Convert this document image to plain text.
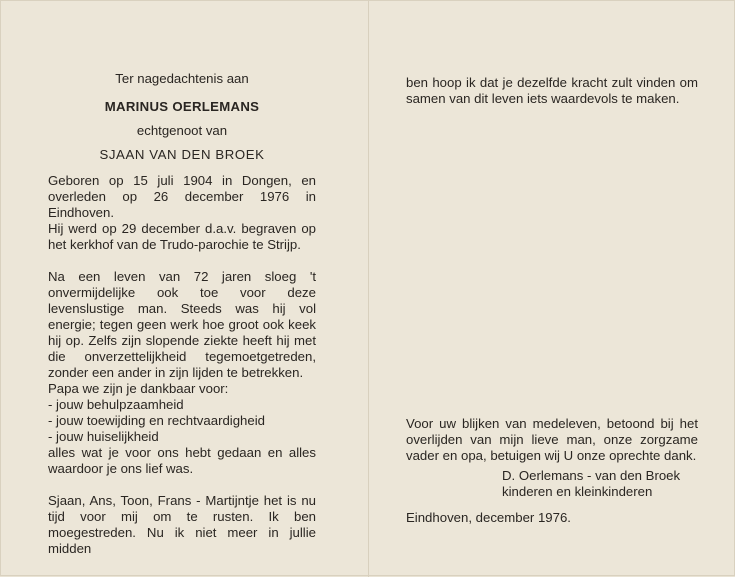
Ter nagedachtenis aan

MARINUS OERLEMANS

echtgenoot van

SJAAN VAN DEN BROEK

Geboren op 15 juli 1904 in Dongen, en overleden op 26 december 1976 in Eindhoven.

Hij werd op 29 december d.a.v. begraven op het kerkhof van de Trudo-parochie te Strijp.

Na een leven van 72 jaren sloeg 't onvermijdelijke ook toe voor deze levenslustige man. Steeds was hij vol energie; tegen geen werk hoe groot ook keek hij op. Zelfs zijn slopende ziekte heeft hij met die onverzettelijkheid tegemoetgetreden, zonder een ander in zijn lijden te betrekken.

Papa we zijn je dankbaar voor:

- jouw behulpzaamheid
- jouw toewijding en rechtvaardigheid
- jouw huiselijkheid

alles wat je voor ons hebt gedaan en alles waardoor je ons lief was.

Sjaan, Ans, Toon, Frans - Martijntje het is nu tijd voor mij om te rusten. Ik ben moegestreden. Nu ik niet meer in jullie midden

ben hoop ik dat je dezelfde kracht zult vinden om samen van dit leven iets waardevols te maken.

Voor uw blijken van medeleven, betoond bij het overlijden van mijn lieve man, onze zorgzame vader en opa, betuigen wij U onze oprechte dank.

D. Oerlemans - van den Broek

kinderen en kleinkinderen

Eindhoven, december 1976.
